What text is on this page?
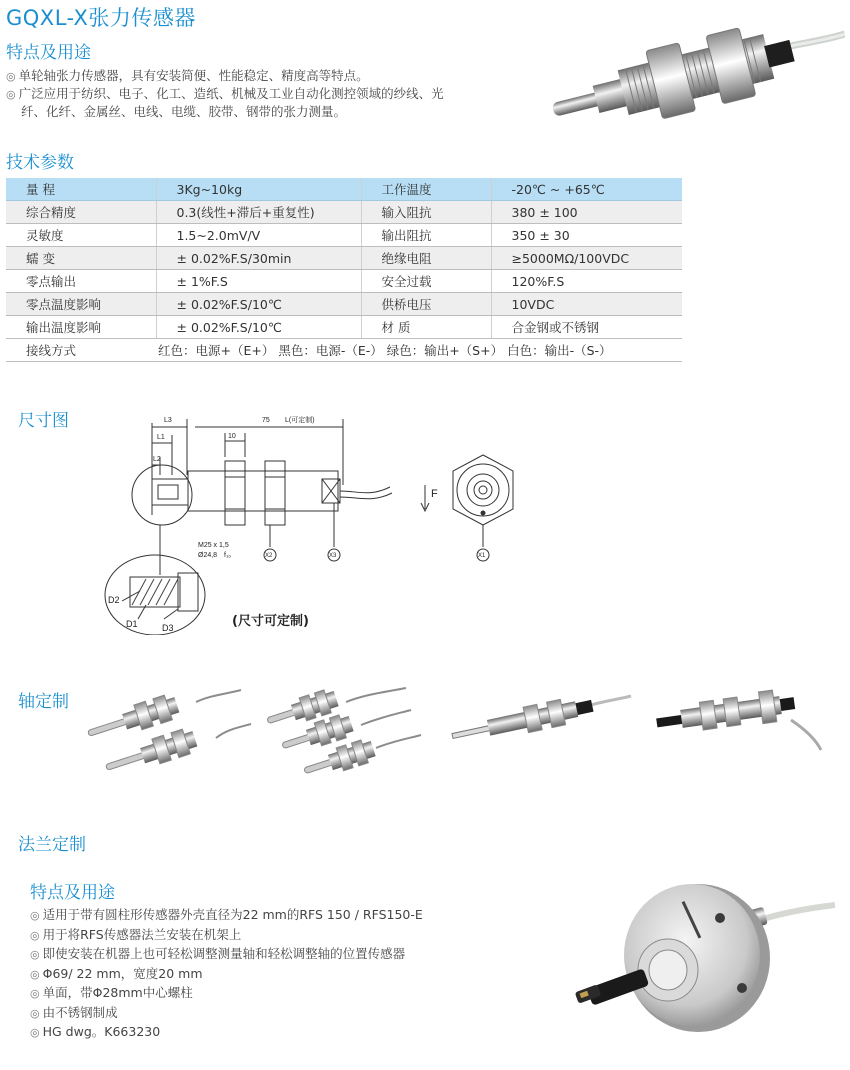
GQXL-X张力传感器
特点及用途
◎ 单轮轴张力传感器，具有安装简便、性能稳定、精度高等特点。
◎ 广泛应用于纺织、电子、化工、造纸、机械及工业自动化测控领域的纱线、光
纤、化纤、金属丝、电线、电缆、胶带、钢带的张力测量。
技术参数
量 程	3Kg~10kg	工作温度	-20℃ ~ +65℃
综合精度	0.3(线性+滞后+重复性)	输入阻抗	380 ± 100
灵敏度	1.5~2.0mV/V	输出阻抗	350 ± 30
蠕 变	± 0.02%F.S/30min	绝缘电阻	≥5000MΩ/100VDC
零点输出	± 1%F.S	安全过载	120%F.S
零点温度影响	± 0.02%F.S/10℃	供桥电压	10VDC
输出温度影响	± 0.02%F.S/10℃	材 质	合金钢或不锈钢
接线方式	红色：电源+（E+） 黑色：电源-（E-） 绿色：输出+（S+） 白色：输出-（S-）		
尺寸图	L3
L1
L2
10
75 L(可定制)
M25 x 1,5
Ø24,8 f₁₀	X2	X3	X1
F
D2
D1	D3	(尺寸可定制)
轴定制
法兰定制
特点及用途
◎ 适用于带有圆柱形传感器外壳直径为22 mm的RFS 150 / RFS150-E
◎ 用于将RFS传感器法兰安装在机架上
◎ 即使安装在机器上也可轻松调整测量轴和轻松调整轴的位置传感器
◎ Φ69/ 22 mm，宽度20 mm
◎ 单面，带Φ28mm中心螺柱
◎ 由不锈钢制成
◎ HG dwg。K663230
